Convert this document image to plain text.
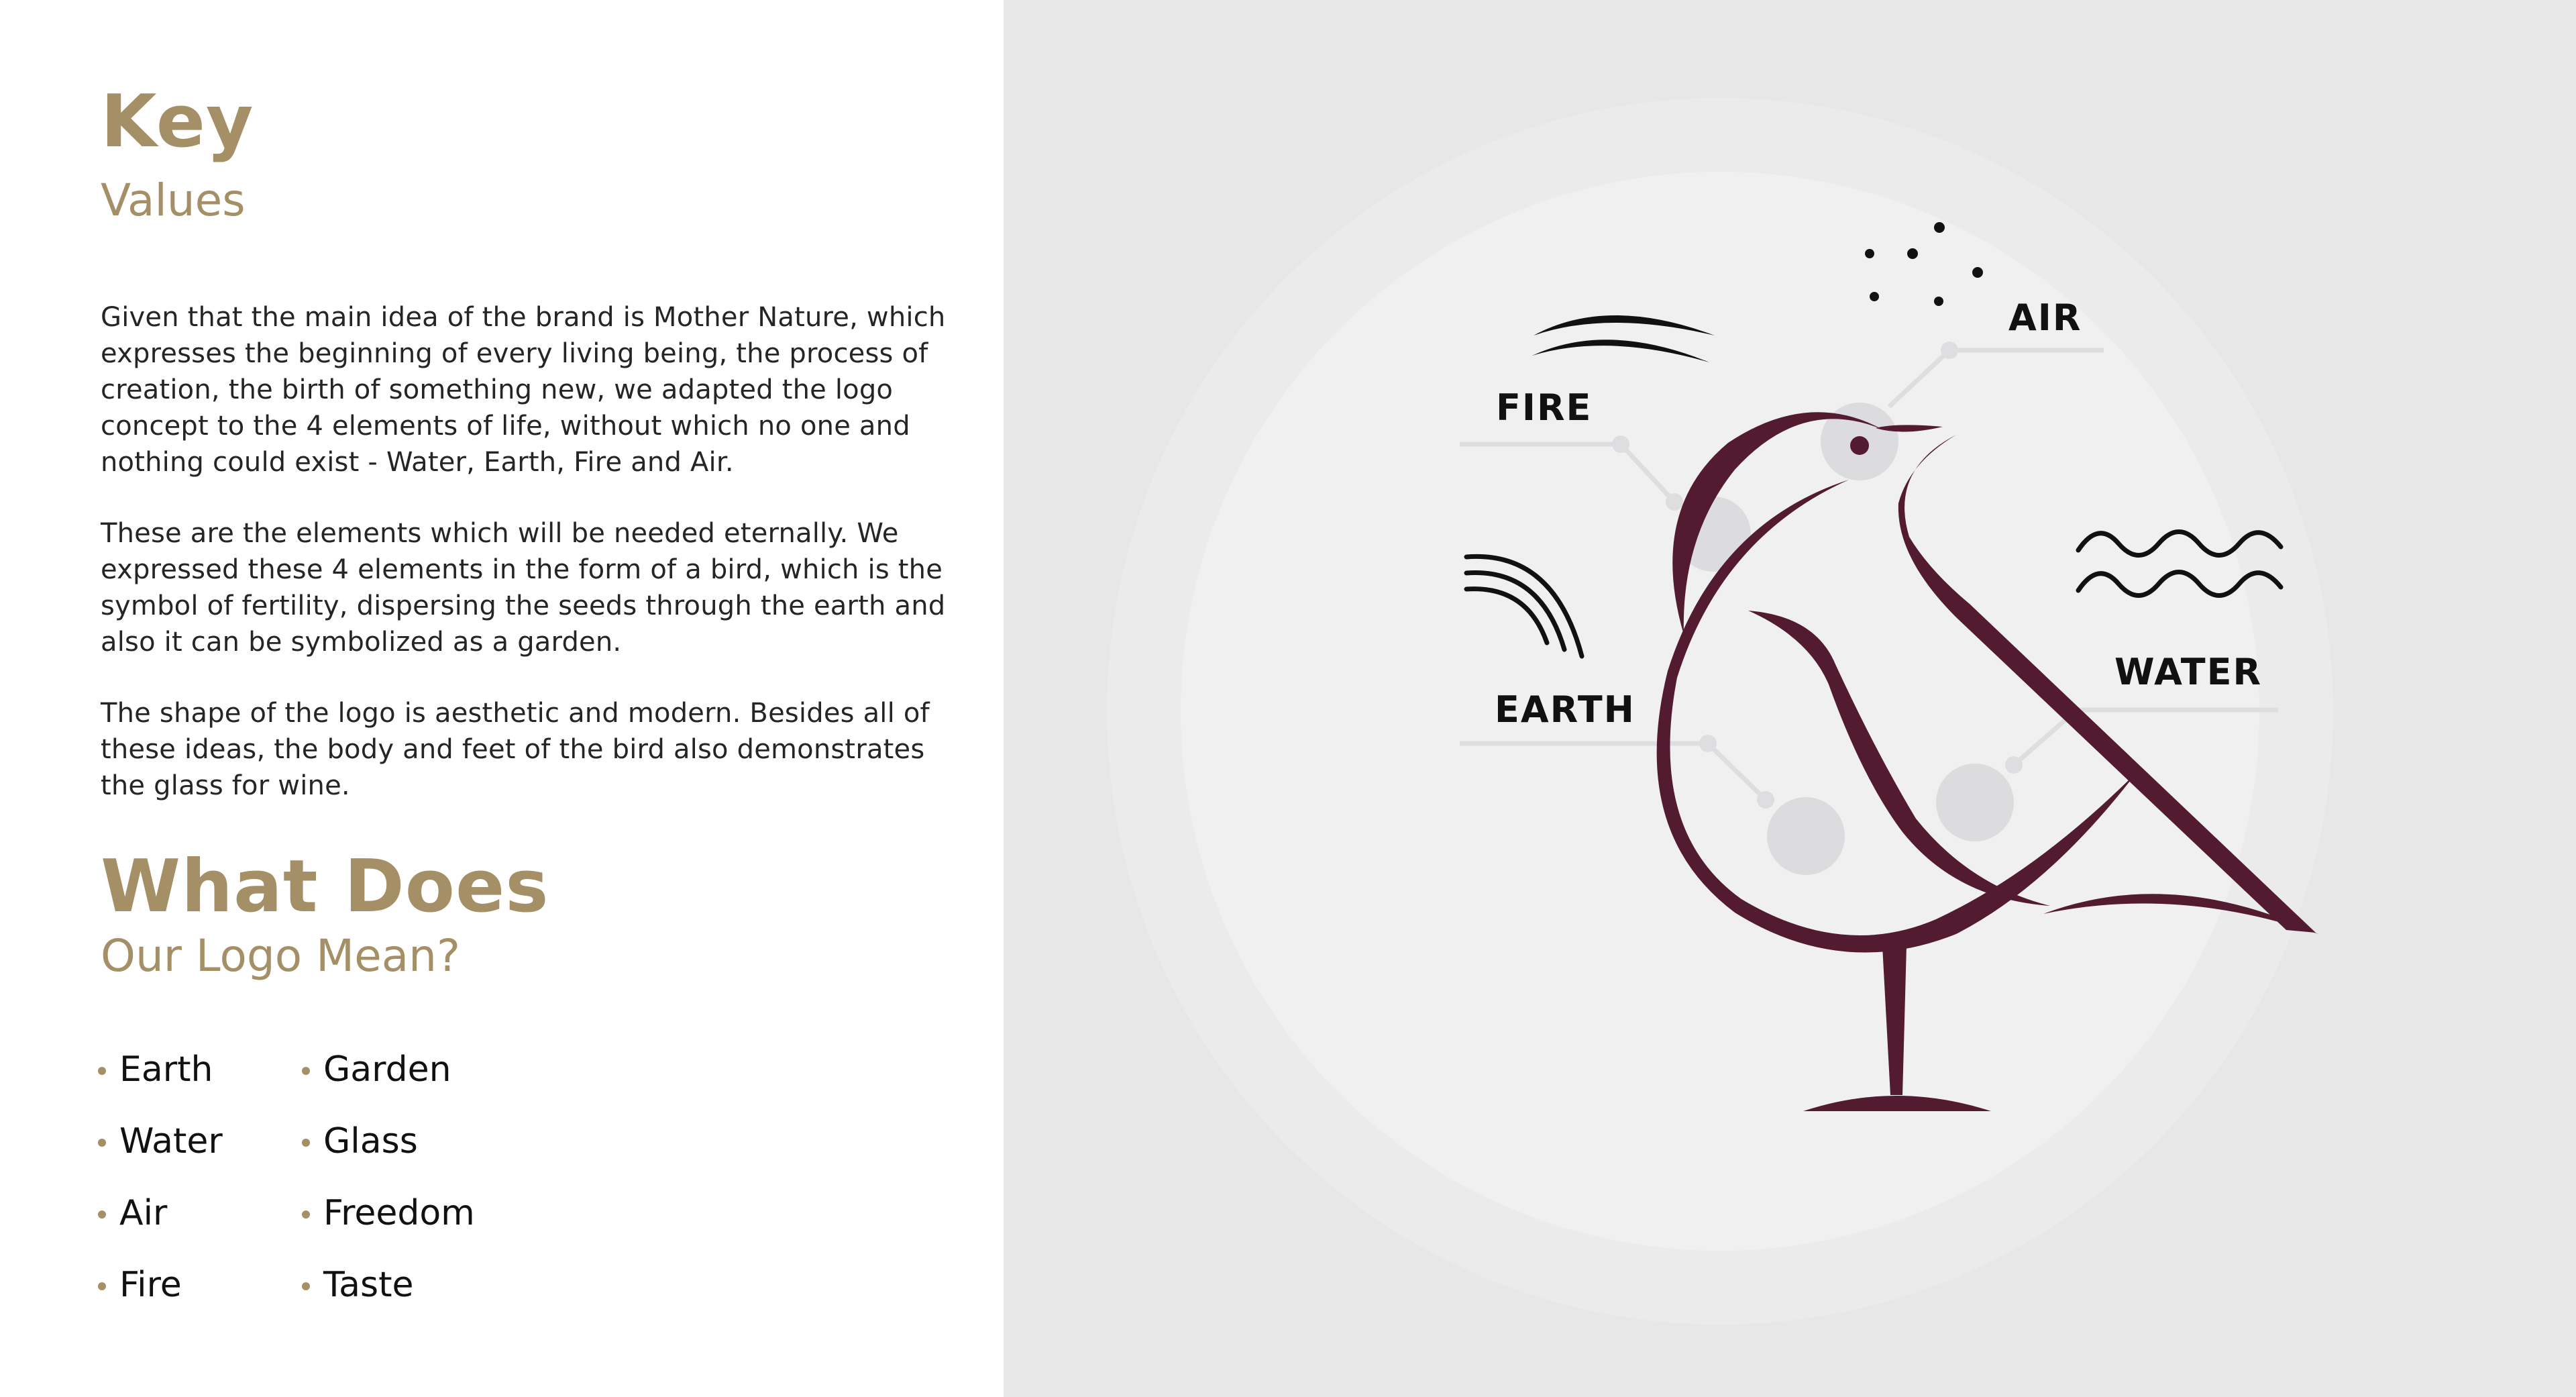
Key
Values

Given that the main idea of the brand is Mother Nature, which expresses the beginning of every living being, the process of creation, the birth of something new, we adapted the logo concept to the 4 elements of life, without which no one and nothing could exist - Water, Earth, Fire and Air.

These are the elements which will be needed eternally. We expressed these 4 elements in the form of a bird, which is the symbol of fertility, dispersing the seeds through the earth and also it can be symbolized as a garden.

The shape of the logo is aesthetic and modern. Besides all of these ideas, the body and feet of the bird also demonstrates the glass for wine.

What Does
Our Logo Mean?
Earth
Water
Air
Fire
Garden
Glass
Freedom
Taste
AIR
FIRE
EARTH
WATER
